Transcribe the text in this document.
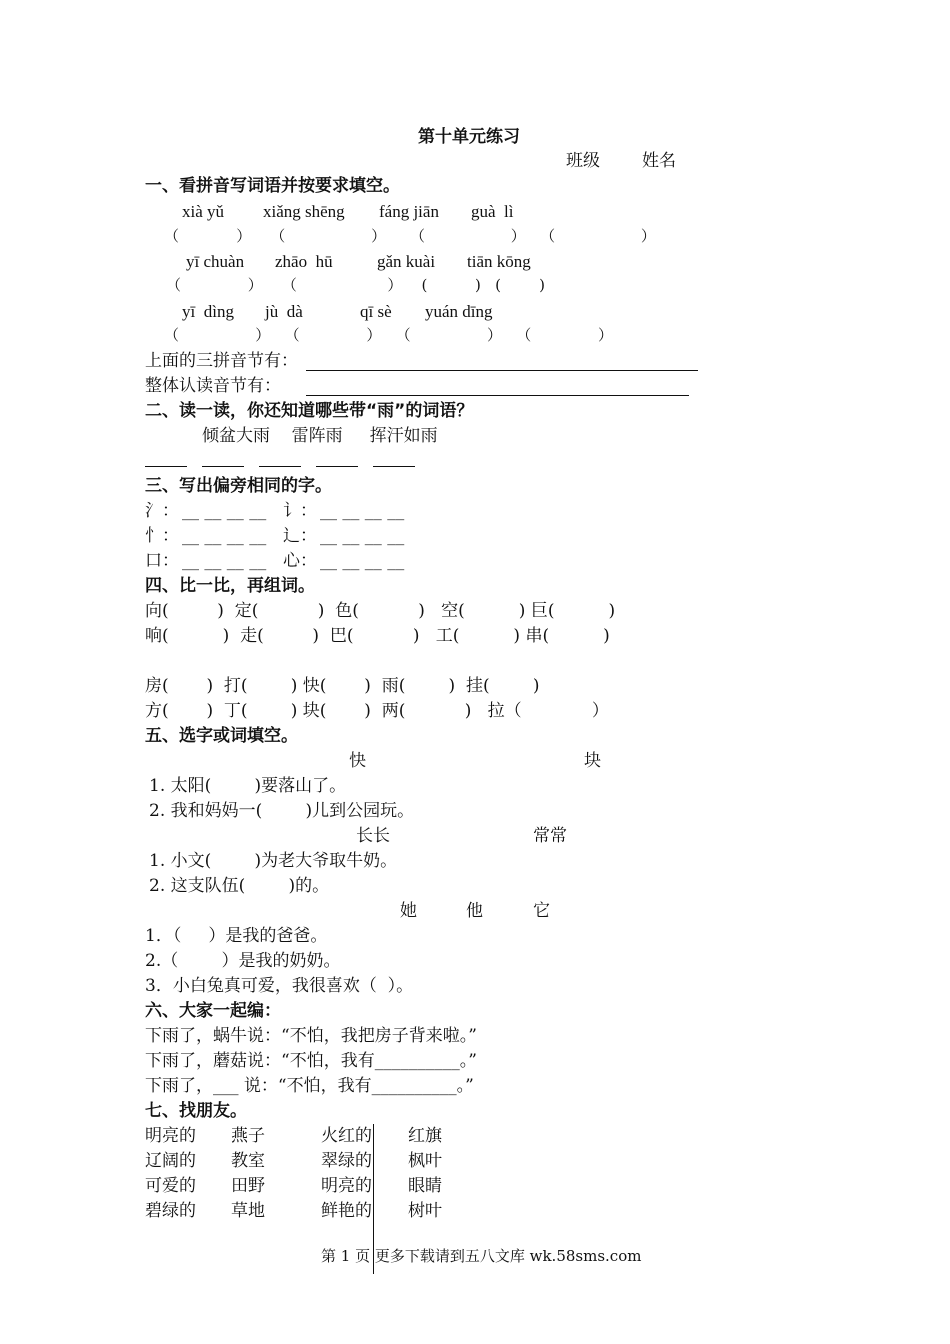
第十单元练习
班级 姓名
一、看拼音写词语并按要求填空。
xià yǔ xiǎng shēng fáng jiān guà  lì
（            ）    （                  ）     （                  ）   （                  ）
yī chuàn zhāo  hū	gǎn kuài tiān kōng
（              ）    （                   ）    (          )   (        )
yī  dìng jù  dà	qī sè yuán dīng
（                ）   （              ）   （                ）   （              ）
上面的三拼音节有：
整体认读音节有：
二、读一读，你还知道哪些带“雨”的词语？
倾盆大雨    雷阵雨     挥汗如雨
三、写出偏旁相同的字。
氵： __ __ __ __ 讠： __ __ __ __
忄： __ __ __ __ 辶： __ __ __ __
口： __ __ __ __ 心： __ __ __ __
四、比一比，再组词。
向(         )  定(           )  色(           )   空(          ) 巨(          )
响(          )  走(         )  巴(           )   工(          ) 串(          )
房(       )  打(        ) 快(       )  雨(        )  挂(        )
方(       )  丁(        ) 块(       )  两(           )   拉（             ）
五、选字或词填空。
快	块
1. 太阳(        )要落山了。
2. 我和妈妈一(        )儿到公园玩。
长长	常常
1. 小文(        )为老大爷取牛奶。
2. 这支队伍(        )的。
她	他	它
1．（     ）是我的爸爸。
2.（        ）是我的奶奶。
3．小白兔真可爱，我很喜欢（  ）。
六、大家一起编：
下雨了，蜗牛说：“不怕，我把房子背来啦。”
下雨了，蘑菇说：“不怕，我有__________。”
下雨了，___ 说：“不怕，我有__________。”
七、找朋友。
明亮的 燕子	火红的 红旗
辽阔的 教室	翠绿的 枫叶
可爱的 田野	明亮的 眼睛
碧绿的 草地	鲜艳的 树叶
第 1 页 更多下载请到五八文库 wk.58sms.com
